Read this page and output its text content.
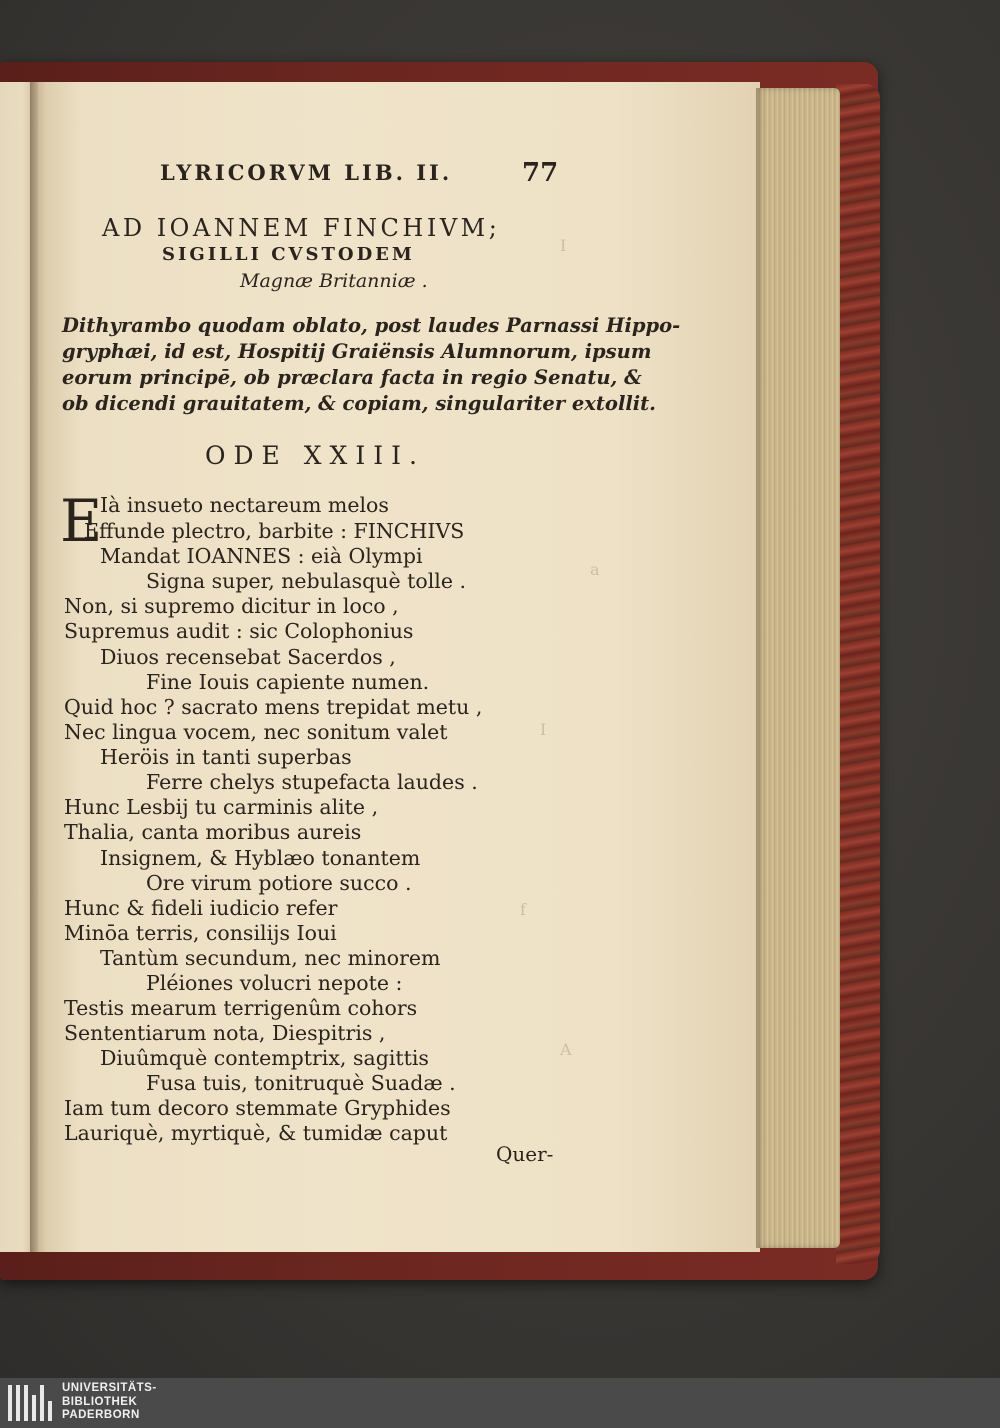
I
a
I
f
A
LYRICORVM LIB. II.	77
AD IOANNEM FINCHIVM;
SIGILLI CVSTODEM
Magnæ Britanniæ .
Dithyrambo quodam oblato, post laudes Parnassi Hippo-
gryphæi, id est, Hospitij Graiënsis Alumnorum, ipsum
eorum principē, ob præclara facta in regio Senatu, &
ob dicendi grauitatem, & copiam, singulariter extollit.
ODE XXIII.
E
Ià insueto nectareum melos
Effunde plectro, barbite : FINCHIVS
Mandat IOANNES : eià Olympi
Signa super, nebulasquè tolle .
Non, si supremo dicitur in loco ,
Supremus audit : sic Colophonius
Diuos recensebat Sacerdos ,
Fine Iouis capiente numen.
Quid hoc ? sacrato mens trepidat metu ,
Nec lingua vocem, nec sonitum valet
Heröis in tanti superbas
Ferre chelys stupefacta laudes .
Hunc Lesbij tu carminis alite ,
Thalia, canta moribus aureis
Insignem, & Hyblæo tonantem
Ore virum potiore succo .
Hunc & fideli iudicio refer
Minōa terris, consilijs Ioui
Tantùm secundum, nec minorem
Pléiones volucri nepote :
Testis mearum terrigenûm cohors
Sententiarum nota, Diespitris ,
Diuûmquè contemptrix, sagittis
Fusa tuis, tonitruquè Suadæ .
Iam tum decoro stemmate Gryphides
Lauriquè, myrtiquè, & tumidæ caput
Quer-
UNIVERSITÄTS-
BIBLIOTHEK
PADERBORN
